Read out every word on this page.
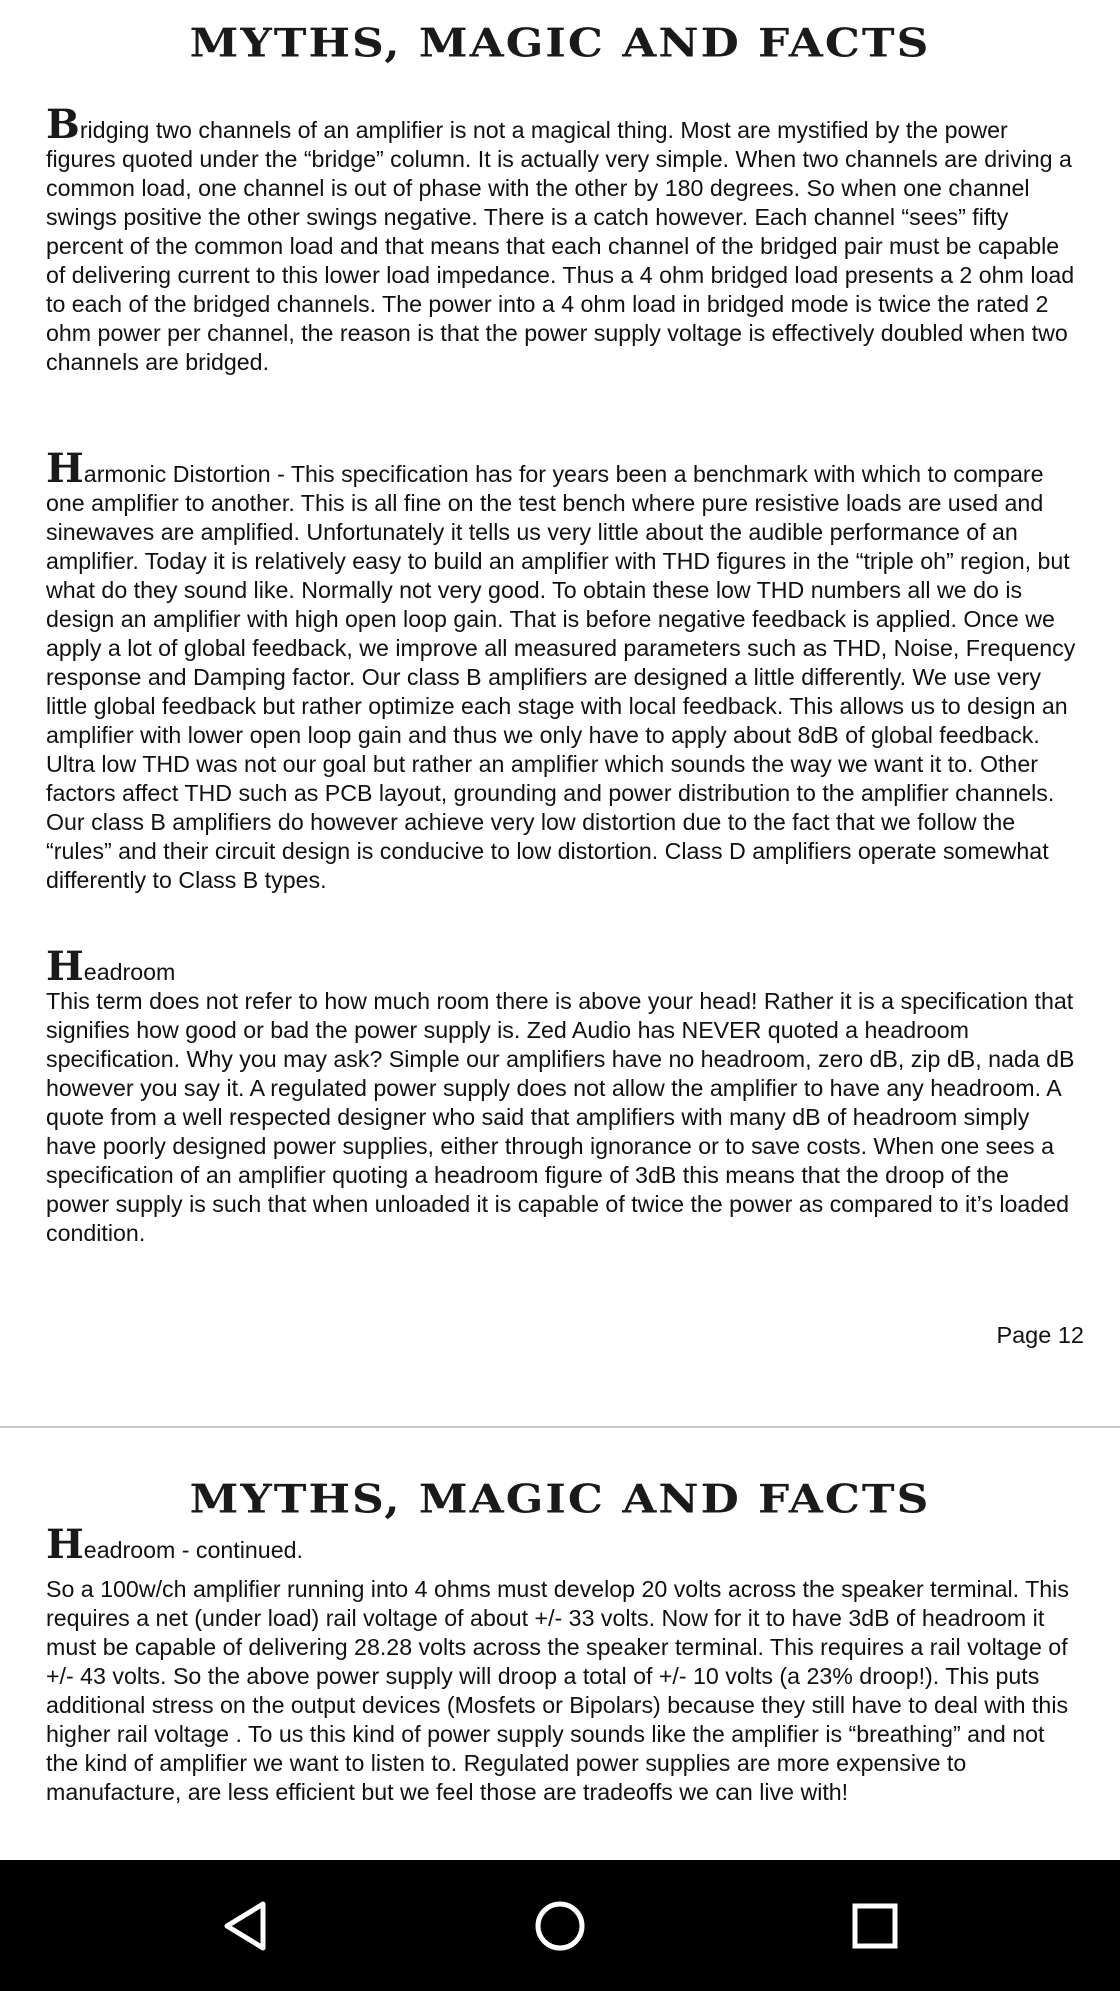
MYTHS, MAGIC AND FACTS

Bridging two channels of an amplifier is not a magical thing. Most are mystified by the power figures quoted under the “bridge” column. It is actually very simple. When two channels are driving a common load, one channel is out of phase with the other by 180 degrees. So when one channel swings positive the other swings negative. There is a catch however. Each channel “sees” fifty percent of the common load and that means that each channel of the bridged pair must be capable of delivering current to this lower load impedance. Thus a 4 ohm bridged load presents a 2 ohm load to each of the bridged channels. The power into a 4 ohm load in bridged mode is twice the rated 2 ohm power per channel, the reason is that the power supply voltage is effectively doubled when two channels are bridged.

Harmonic Distortion - This specification has for years been a benchmark with which to compare one amplifier to another. This is all fine on the test bench where pure resistive loads are used and sinewaves are amplified. Unfortunately it tells us very little about the audible performance of an amplifier. Today it is relatively easy to build an amplifier with THD figures in the “triple oh” region, but what do they sound like. Normally not very good. To obtain these low THD numbers all we do is design an amplifier with high open loop gain. That is before negative feedback is applied. Once we apply a lot of global feedback, we improve all measured parameters such as THD, Noise, Frequency response and Damping factor. Our class B amplifiers are designed a little differently. We use very little global feedback but rather optimize each stage with local feedback. This allows us to design an amplifier with lower open loop gain and thus we only have to apply about 8dB of global feedback. Ultra low THD was not our goal but rather an amplifier which sounds the way we want it to. Other factors affect THD such as PCB layout, grounding and power distribution to the amplifier channels. Our class B amplifiers do however achieve very low distortion due to the fact that we follow the “rules” and their circuit design is conducive to low distortion. Class D amplifiers operate somewhat differently to Class B types.

Headroom

This term does not refer to how much room there is above your head! Rather it is a specification that signifies how good or bad the power supply is. Zed Audio has NEVER quoted a headroom specification. Why you may ask? Simple our amplifiers have no headroom, zero dB, zip dB, nada dB however you say it. A regulated power supply does not allow the amplifier to have any headroom. A quote from a well respected designer who said that amplifiers with many dB of headroom simply have poorly designed power supplies, either through ignorance or to save costs. When one sees a specification of an amplifier quoting a headroom figure of 3dB this means that the droop of the power supply is such that when unloaded it is capable of twice the power as compared to it’s loaded condition.

Page 12

MYTHS, MAGIC AND FACTS

Headroom - continued.

So a 100w/ch amplifier running into 4 ohms must develop 20 volts across the speaker terminal. This requires a net (under load) rail voltage of about +/- 33 volts. Now for it to have 3dB of headroom it must be capable of delivering 28.28 volts across the speaker terminal. This requires a rail voltage of +/- 43 volts. So the above power supply will droop a total of +/- 10 volts (a 23% droop!). This puts additional stress on the output devices (Mosfets or Bipolars) because they still have to deal with this higher rail voltage . To us this kind of power supply sounds like the amplifier is “breathing” and not the kind of amplifier we want to listen to. Regulated power supplies are more expensive to manufacture, are less efficient but we feel those are tradeoffs we can live with!
